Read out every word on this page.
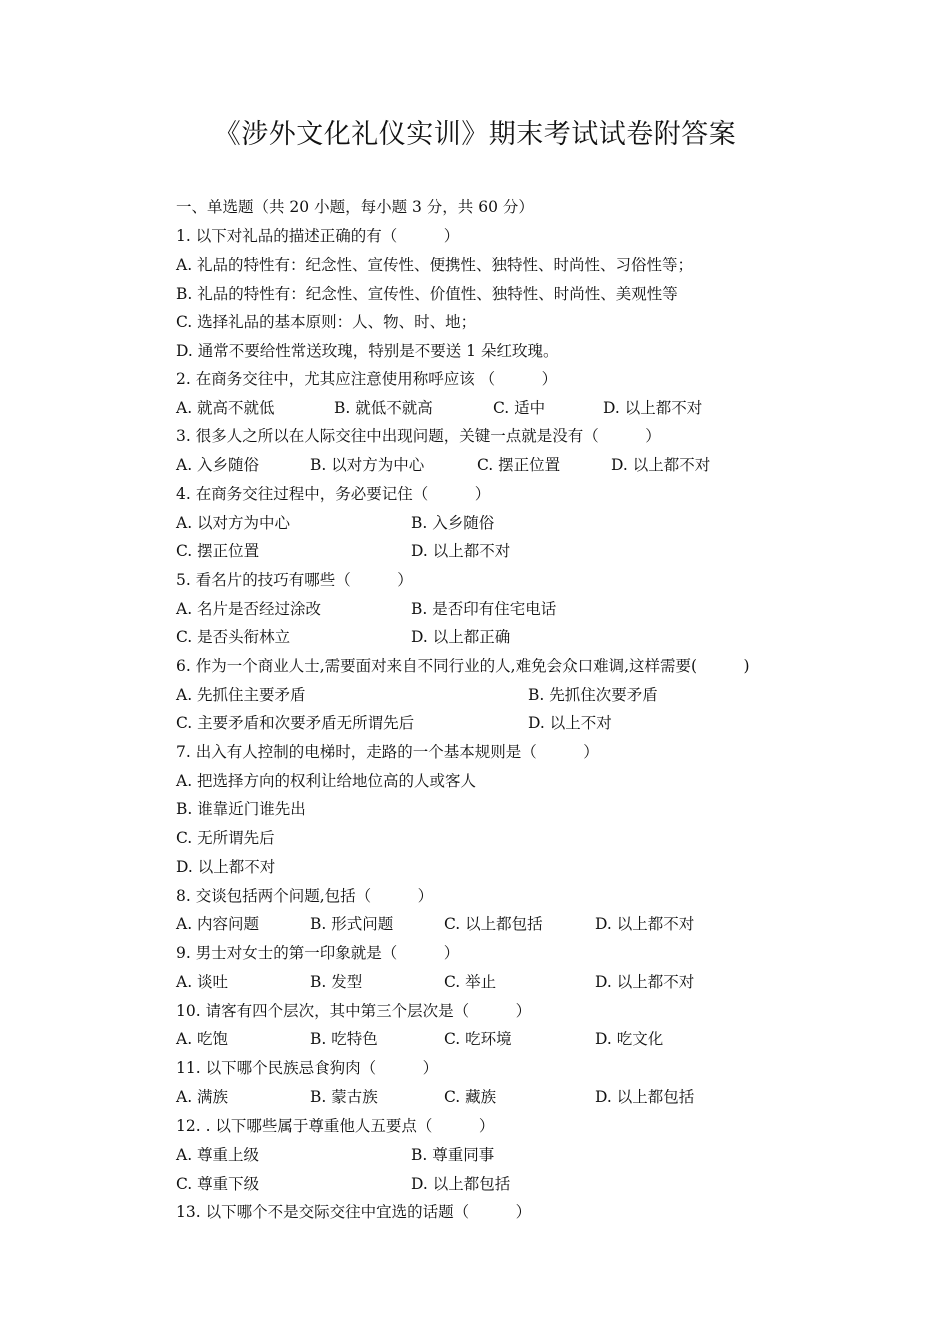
《涉外文化礼仪实训》期末考试试卷附答案
一、单选题（共 20 小题，每小题 3 分，共 60 分）
1. 以下对礼品的描述正确的有（　　　）
A. 礼品的特性有：纪念性、宣传性、便携性、独特性、时尚性、习俗性等；
B. 礼品的特性有：纪念性、宣传性、价值性、独特性、时尚性、美观性等
C. 选择礼品的基本原则：人、物、时、地；
D. 通常不要给性常送玫瑰，特别是不要送 1 朵红玫瑰。
2. 在商务交往中，尤其应注意使用称呼应该 （　　　）
A. 就高不就低	B. 就低不就高	C. 适中	D. 以上都不对
3. 很多人之所以在人际交往中出现问题，关键一点就是没有（　　　）
A. 入乡随俗	B. 以对方为中心	C. 摆正位置	D. 以上都不对
4. 在商务交往过程中，务必要记住（　　　）
A. 以对方为中心	B. 入乡随俗
C. 摆正位置	D. 以上都不对
5. 看名片的技巧有哪些（　　　）
A. 名片是否经过涂改	B. 是否印有住宅电话
C. 是否头衔林立	D. 以上都正确
6. 作为一个商业人士,需要面对来自不同行业的人,难免会众口难调,这样需要(　　　)
A. 先抓住主要矛盾	B. 先抓住次要矛盾
C. 主要矛盾和次要矛盾无所谓先后	D. 以上不对
7. 出入有人控制的电梯时，走路的一个基本规则是（　　　）
A. 把选择方向的权利让给地位高的人或客人
B. 谁靠近门谁先出
C. 无所谓先后
D. 以上都不对
8. 交谈包括两个问题,包括（　　　）
A. 内容问题	B. 形式问题	C. 以上都包括	D. 以上都不对
9. 男士对女士的第一印象就是（　　　）
A. 谈吐	B. 发型	C. 举止	D. 以上都不对
10. 请客有四个层次，其中第三个层次是（　　　）
A. 吃饱	B. 吃特色	C. 吃环境	D. 吃文化
11. 以下哪个民族忌食狗肉（　　　）
A. 满族	B. 蒙古族	C. 藏族	D. 以上都包括
12. . 以下哪些属于尊重他人五要点（　　　）
A. 尊重上级	B. 尊重同事
C. 尊重下级	D. 以上都包括
13. 以下哪个不是交际交往中宜选的话题（　　　）
